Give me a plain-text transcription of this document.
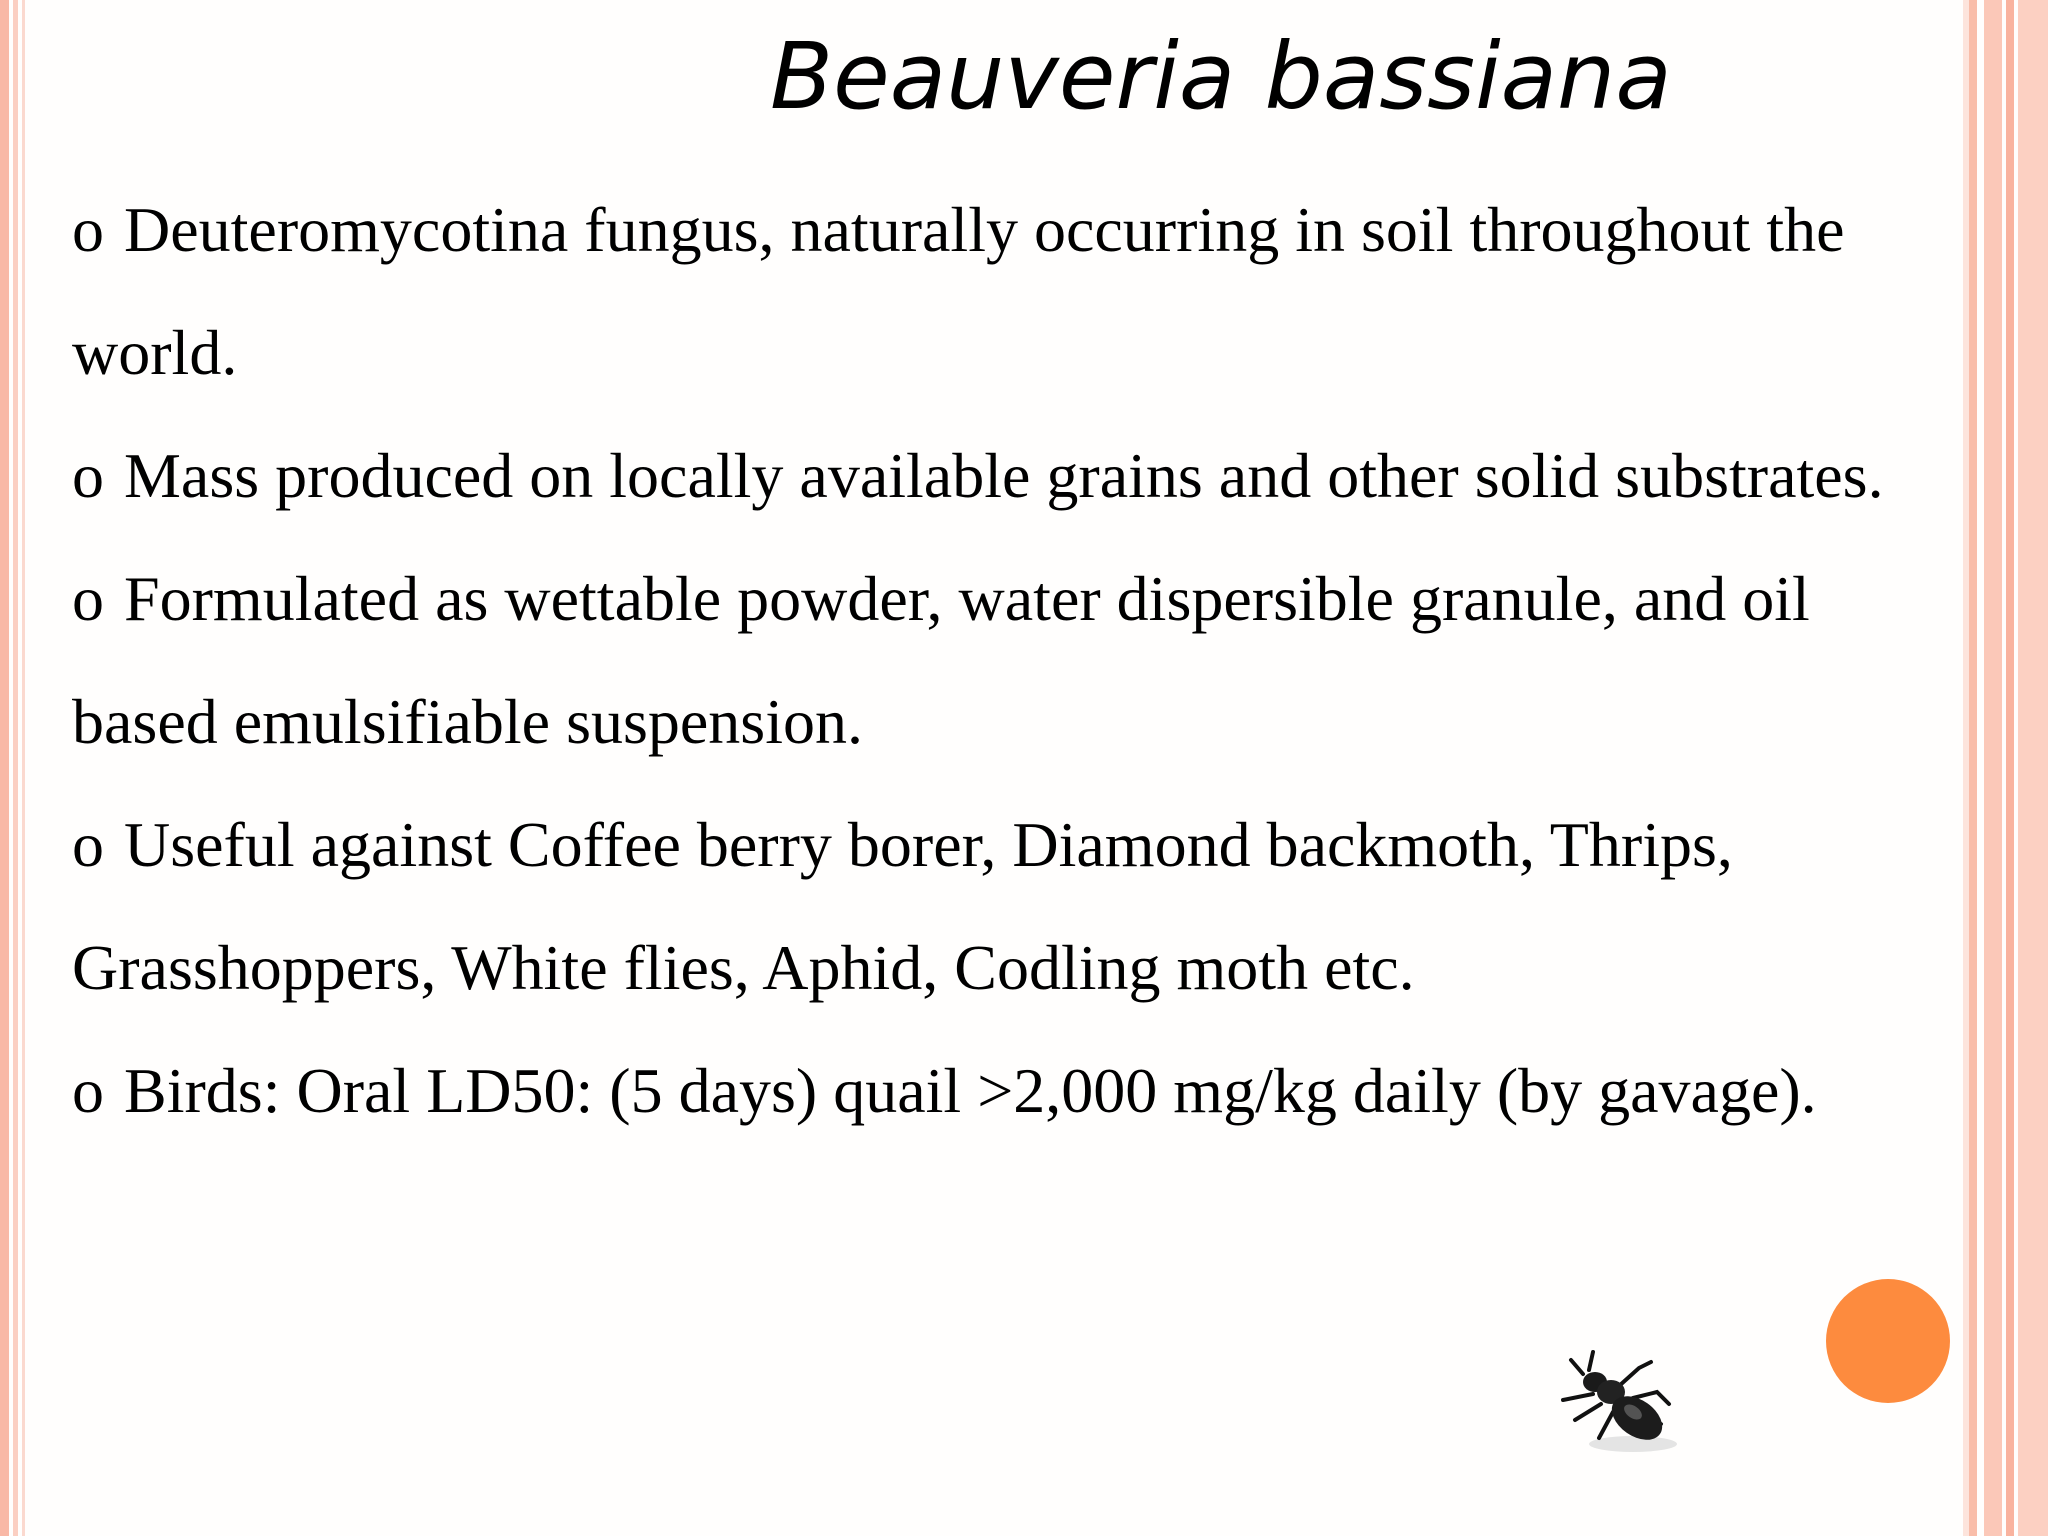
Beauveria bassiana

o Deuteromycotina fungus, naturally occurring in soil throughout the world.

o Mass produced on locally available grains and other solid substrates.

o Formulated as wettable powder, water dispersible granule, and oil based emulsifiable suspension.

o Useful against Coffee berry borer, Diamond backmoth, Thrips, Grasshoppers, White flies, Aphid, Codling moth etc.

o Birds: Oral LD50: (5 days) quail >2,000 mg/kg daily (by gavage).
